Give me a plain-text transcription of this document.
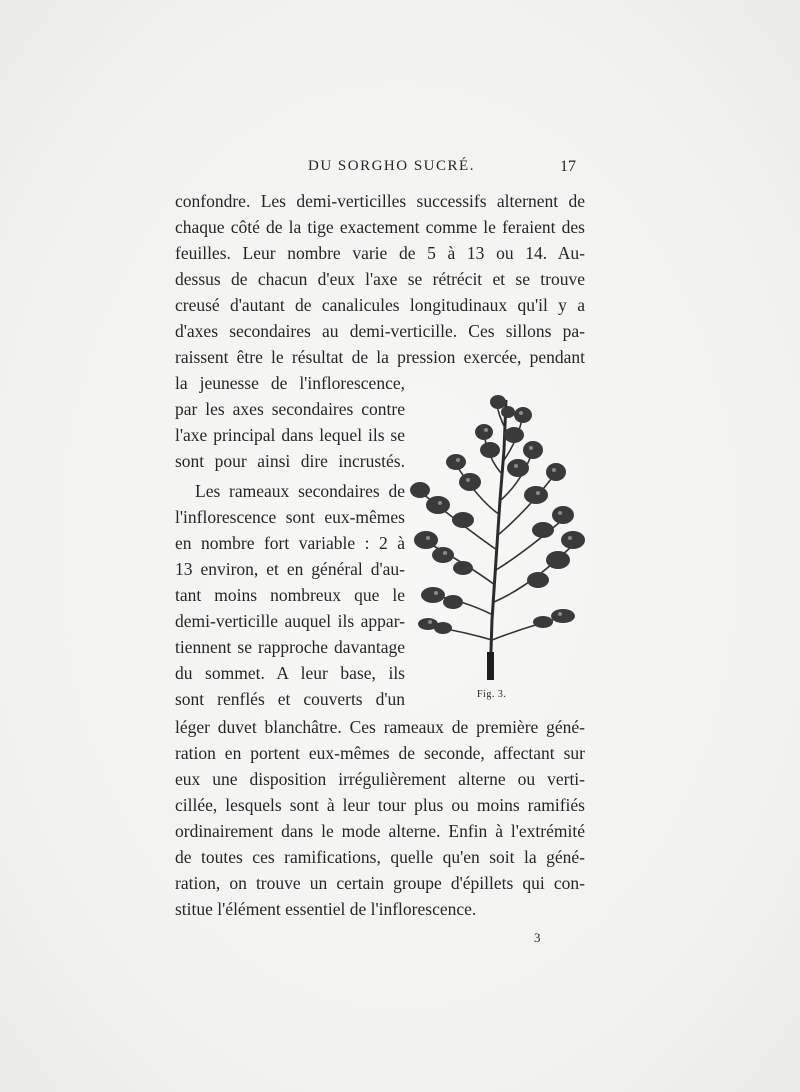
DU SORGHO SUCRÉ.	17
confondre. Les demi-verticilles successifs alternent de
chaque côté de la tige exactement comme le feraient des
feuilles. Leur nombre varie de 5 à 13 ou 14. Au-
dessus de chacun d'eux l'axe se rétrécit et se trouve
creusé d'autant de canalicules longitudinaux qu'il y a
d'axes secondaires au demi-verticille. Ces sillons pa-
raissent être le résultat de la pression exercée, pendant
la jeunesse de l'inflorescence,
par les axes secondaires contre
l'axe principal dans lequel ils se
sont pour ainsi dire incrustés.
Les rameaux secondaires de
l'inflorescence sont eux-mêmes
en nombre fort variable : 2 à
13 environ, et en général d'au-
tant moins nombreux que le
demi-verticille auquel ils appar-
tiennent se rapproche davantage
du sommet. A leur base, ils
sont renflés et couverts d'un
léger duvet blanchâtre. Ces rameaux de première géné-
ration en portent eux-mêmes de seconde, affectant sur
eux une disposition irrégulièrement alterne ou verti-
cillée, lesquels sont à leur tour plus ou moins ramifiés
ordinairement dans le mode alterne. Enfin à l'extrémité
de toutes ces ramifications, quelle qu'en soit la géné-
ration, on trouve un certain groupe d'épillets qui con-
stitue l'élément essentiel de l'inflorescence.
Fig. 3.
3
